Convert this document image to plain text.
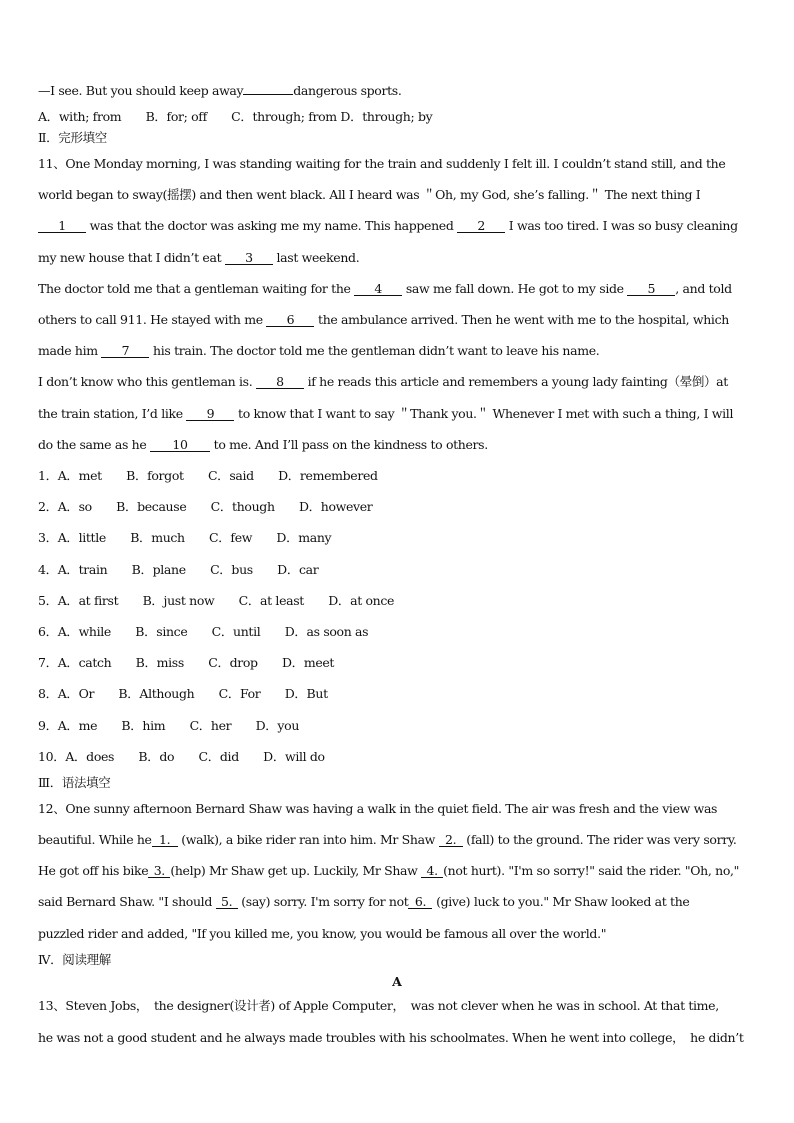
—I see. But you should keep away	dangerous sports.
A．with; from　　B．for; off　　C．through; from D．through; by
Ⅱ．完形填空
11、One Monday morning, I was standing waiting for the train and suddenly I felt ill. I couldn’t stand still, and the
world began to sway(摇摆) and then went black. All I heard was ＂Oh, my God, she’s falling.＂ The next thing I
1 was that the doctor was asking me my name. This happened 2 I was too tired. I was so busy cleaning
my new house that I didn’t eat 3 last weekend.
The doctor told me that a gentleman waiting for the 4 saw me fall down. He got to my side 5 , and told
others to call 911. He stayed with me 6 the ambulance arrived. Then he went with me to the hospital, which
made him 7 his train. The doctor told me the gentleman didn’t want to leave his name.
I don’t know who this gentleman is. 8 if he reads this article and remembers a young lady fainting（晕倒）at
the train station, I’d like 9 to know that I want to say ＂Thank you.＂ Whenever I met with such a thing, I will
do the same as he 10 to me. And I’ll pass on the kindness to others.
1．A．met　　B．forgot　　C．said　　D．remembered
2．A．so　　B．because　　C．though　　D．however
3．A．little　　B．much　　C．few　　D．many
4．A．train　　B．plane　　C．bus　　D．car
5．A．at first　　B．just now　　C．at least　　D．at once
6．A．while　　B．since　　C．until　　D．as soon as
7．A．catch　　B．miss　　C．drop　　D．meet
8．A．Or　　B．Although　　C．For　　D．But
9．A．me　　B．him　　C．her　　D．you
10．A．does　　B．do　　C．did　　D．will do
Ⅲ．语法填空
12、One sunny afternoon Bernard Shaw was having a walk in the quiet field. The air was fresh and the view was
beautiful. While he 1. (walk), a bike rider ran into him. Mr Shaw 2. (fall) to the ground. The rider was very sorry.
He got off his bike 3. (help) Mr Shaw get up. Luckily, Mr Shaw 4. (not hurt). "I'm so sorry!" said the rider. "Oh, no,"
said Bernard Shaw. "I should 5. (say) sorry. I'm sorry for not 6. (give) luck to you." Mr Shaw looked at the
puzzled rider and added, "If you killed me, you know, you would be famous all over the world."
Ⅳ．阅读理解
A
13、Steven Jobs，　the designer(设计者) of Apple Computer，　was not clever when he was in school. At that time,
he was not a good student and he always made troubles with his schoolmates. When he went into college，　he didn’t
